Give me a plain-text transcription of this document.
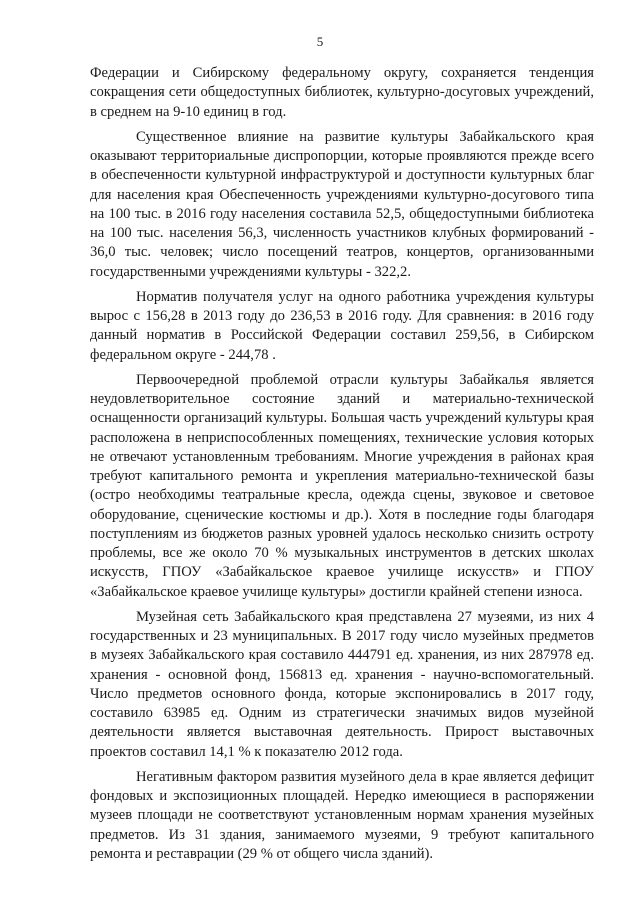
5

Федерации и Сибирскому федеральному округу, сохраняется тенденция сокращения сети общедоступных библиотек, культурно-досуговых учреждений, в среднем на 9-10 единиц в год.

Существенное влияние на развитие культуры Забайкальского края оказывают территориальные диспропорции, которые проявляются прежде всего в обеспеченности культурной инфраструктурой и доступности культурных благ для населения края Обеспеченность учреждениями культурно-досугового типа на 100 тыс. в 2016 году населения составила 52,5, общедоступными библиотека на 100 тыс. населения 56,3, численность участников клубных формирований - 36,0 тыс. человек; число посещений театров, концертов, организованными государственными учреждениями культуры - 322,2.

Норматив получателя услуг на одного работника учреждения культуры вырос с 156,28 в 2013 году до 236,53 в 2016 году. Для сравнения: в 2016 году данный норматив в Российской Федерации составил 259,56, в Сибирском федеральном округе - 244,78 .

Первоочередной проблемой отрасли культуры Забайкалья является неудовлетворительное состояние зданий и материально-технической оснащенности организаций культуры. Большая часть учреждений культуры края расположена в неприспособленных помещениях, технические условия которых не отвечают установленным требованиям. Многие учреждения в районах края требуют капитального ремонта и укрепления материально-технической базы (остро необходимы театральные кресла, одежда сцены, звуковое и световое оборудование, сценические костюмы и др.). Хотя в последние годы благодаря поступлениям из бюджетов разных уровней удалось несколько снизить остроту проблемы, все же около 70 % музыкальных инструментов в детских школах искусств, ГПОУ «Забайкальское краевое училище искусств» и ГПОУ «Забайкальское краевое училище культуры» достигли крайней степени износа.

Музейная сеть Забайкальского края представлена 27 музеями, из них 4 государственных и 23 муниципальных. В 2017 году число музейных предметов в музеях Забайкальского края составило 444791 ед. хранения, из них 287978 ед. хранения - основной фонд, 156813 ед. хранения - научно-вспомогательный. Число предметов основного фонда, которые экспонировались в 2017 году, составило 63985 ед. Одним из стратегически значимых видов музейной деятельности является выставочная деятельность. Прирост выставочных проектов составил 14,1 % к показателю 2012 года.

Негативным фактором развития музейного дела в крае является дефицит фондовых и экспозиционных площадей. Нередко имеющиеся в распоряжении музеев площади не соответствуют установленным нормам хранения музейных предметов. Из 31 здания, занимаемого музеями, 9 требуют капитального ремонта и реставрации (29 % от общего числа зданий).
